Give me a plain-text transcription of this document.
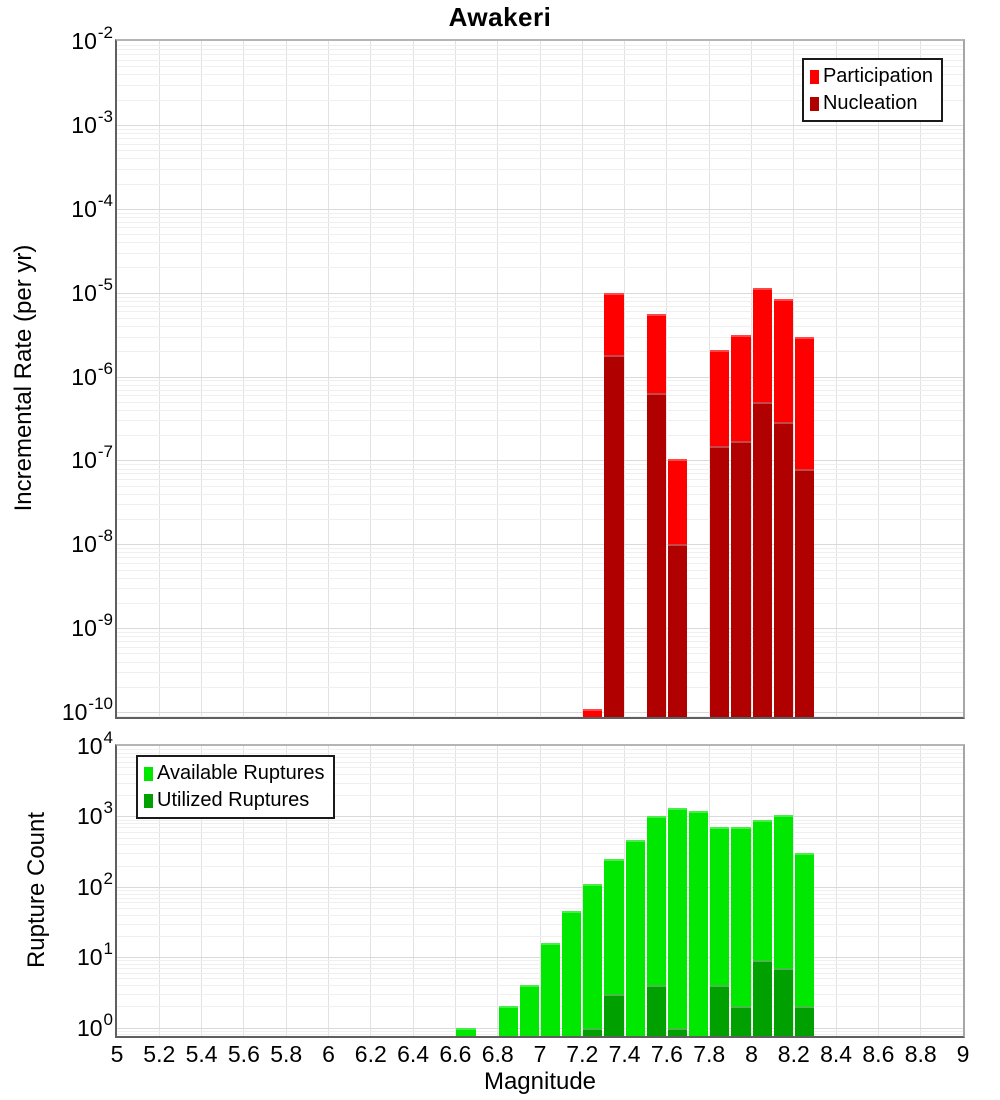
Awakeri
Participation
Nucleation
Available Ruptures
Utilized Ruptures
Incremental Rate (per yr)
Rupture Count
Magnitude
10 -2
10 -3
10 -4
10 -5
10 -6
10 -7
10 -8
10 -9
10 -10
10 4
10 3
10 2
10 1
10 0
5 5.2 5.4 5.6 5.8 6 6.2 6.4 6.6 6.8 7 7.2 7.4 7.6 7.8 8 8.2 8.4 8.6 8.8 9
